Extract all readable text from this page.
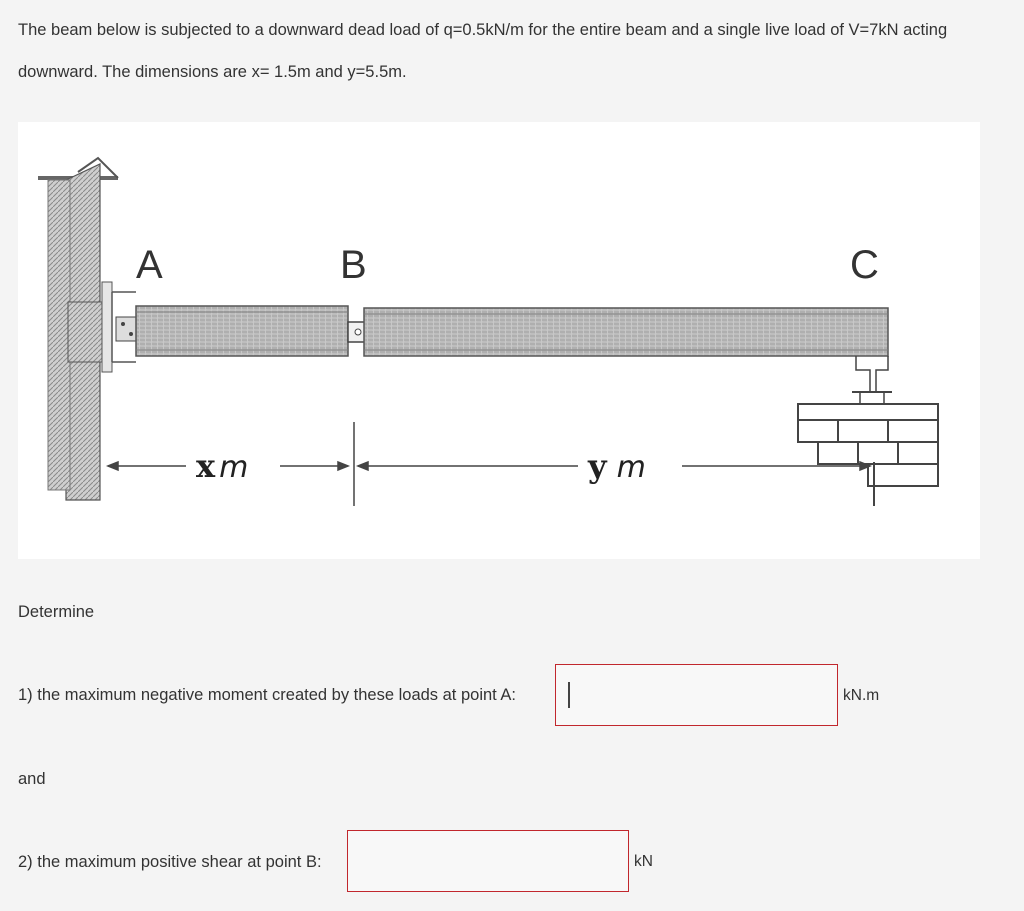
The beam below is subjected to a downward dead load of q=0.5kN/m for the entire beam and a single live load of V=7kN acting

downward. The dimensions are x= 1.5m and y=5.5m.

A	B	C
x m	y m

Determine

1) the maximum negative moment created by these loads at point A:	kN.m

and

2) the maximum positive shear at point B:	kN
